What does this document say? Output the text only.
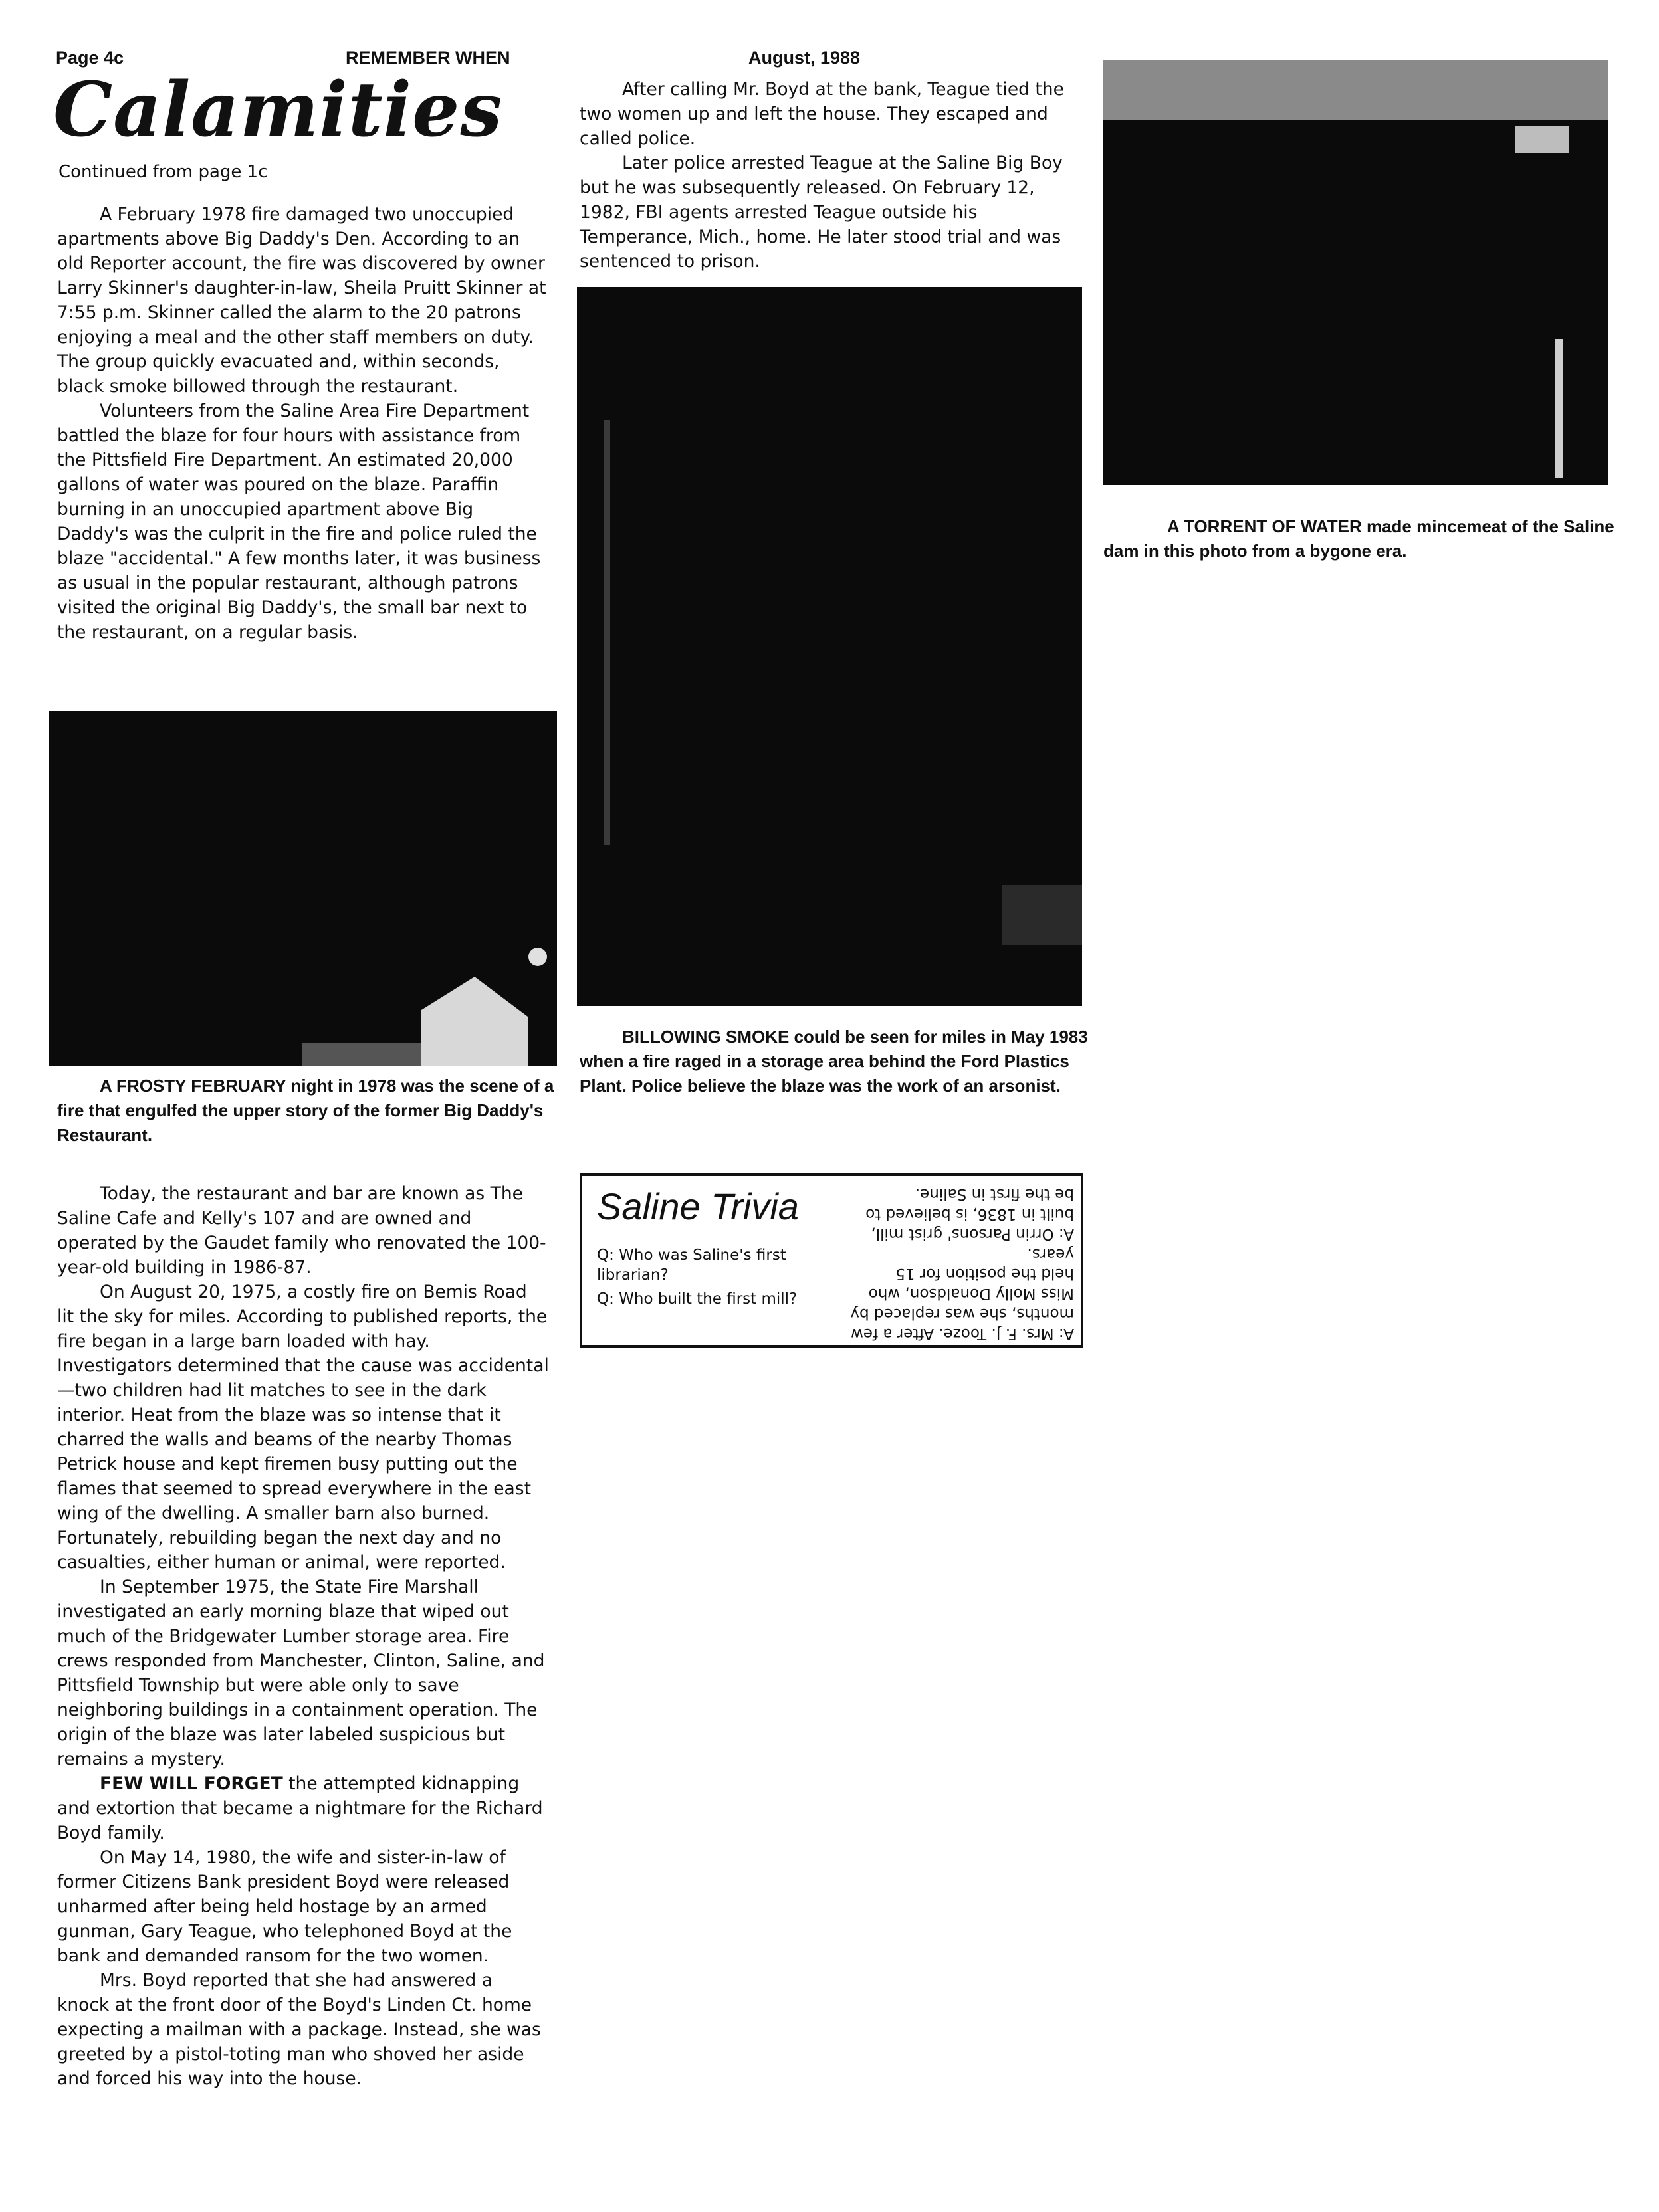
Page 4c	REMEMBER WHEN	August, 1988
Calamities
Continued from page 1c

A February 1978 fire damaged two unoccupied apartments above Big Daddy's Den. According to an old Reporter account, the fire was discovered by owner Larry Skinner's daughter-in-law, Sheila Pruitt Skinner at 7:55 p.m. Skinner called the alarm to the 20 patrons enjoying a meal and the other staff members on duty. The group quickly evacuated and, within seconds, black smoke billowed through the restaurant.

Volunteers from the Saline Area Fire Department battled the blaze for four hours with assistance from the Pittsfield Fire Department. An estimated 20,000 gallons of water was poured on the blaze. Paraffin burning in an unoccupied apartment above Big Daddy's was the culprit in the fire and police ruled the blaze "accidental." A few months later, it was business as usual in the popular restaurant, although patrons visited the original Big Daddy's, the small bar next to the restaurant, on a regular basis.

A FROSTY FEBRUARY night in 1978 was the scene of a fire that engulfed the upper story of the former Big Daddy's Restaurant.

Today, the restaurant and bar are known as The Saline Cafe and Kelly's 107 and are owned and operated by the Gaudet family who renovated the 100-year-old building in 1986-87.

On August 20, 1975, a costly fire on Bemis Road lit the sky for miles. According to published reports, the fire began in a large barn loaded with hay. Investigators determined that the cause was accidental—two children had lit matches to see in the dark interior. Heat from the blaze was so intense that it charred the walls and beams of the nearby Thomas Petrick house and kept firemen busy putting out the flames that seemed to spread everywhere in the east wing of the dwelling. A smaller barn also burned. Fortunately, rebuilding began the next day and no casualties, either human or animal, were reported.

In September 1975, the State Fire Marshall investigated an early morning blaze that wiped out much of the Bridgewater Lumber storage area. Fire crews responded from Manchester, Clinton, Saline, and Pittsfield Township but were able only to save neighboring buildings in a containment operation. The origin of the blaze was later labeled suspicious but remains a mystery.

FEW WILL FORGET the attempted kidnapping and extortion that became a nightmare for the Richard Boyd family.

On May 14, 1980, the wife and sister-in-law of former Citizens Bank president Boyd were released unharmed after being held hostage by an armed gunman, Gary Teague, who telephoned Boyd at the bank and demanded ransom for the two women.

Mrs. Boyd reported that she had answered a knock at the front door of the Boyd's Linden Ct. home expecting a mailman with a package. Instead, she was greeted by a pistol-toting man who shoved her aside and forced his way into the house.

After calling Mr. Boyd at the bank, Teague tied the two women up and left the house. They escaped and called police.

Later police arrested Teague at the Saline Big Boy but he was subsequently released. On February 12, 1982, FBI agents arrested Teague outside his Temperance, Mich., home. He later stood trial and was sentenced to prison.

BILLOWING SMOKE could be seen for miles in May 1983 when a fire raged in a storage area behind the Ford Plastics Plant. Police believe the blaze was the work of an arsonist.

Saline Trivia

Q: Who was Saline's first librarian?

Q: Who built the first mill?

A: Mrs. F. J. Tooze. After a few months, she was replaced by Miss Molly Donaldson, who held the position for 15 years.

A: Orrin Parsons' grist mill, built in 1836, is believed to be the first in Saline.

A TORRENT OF WATER made mincemeat of the Saline dam in this photo from a bygone era.
